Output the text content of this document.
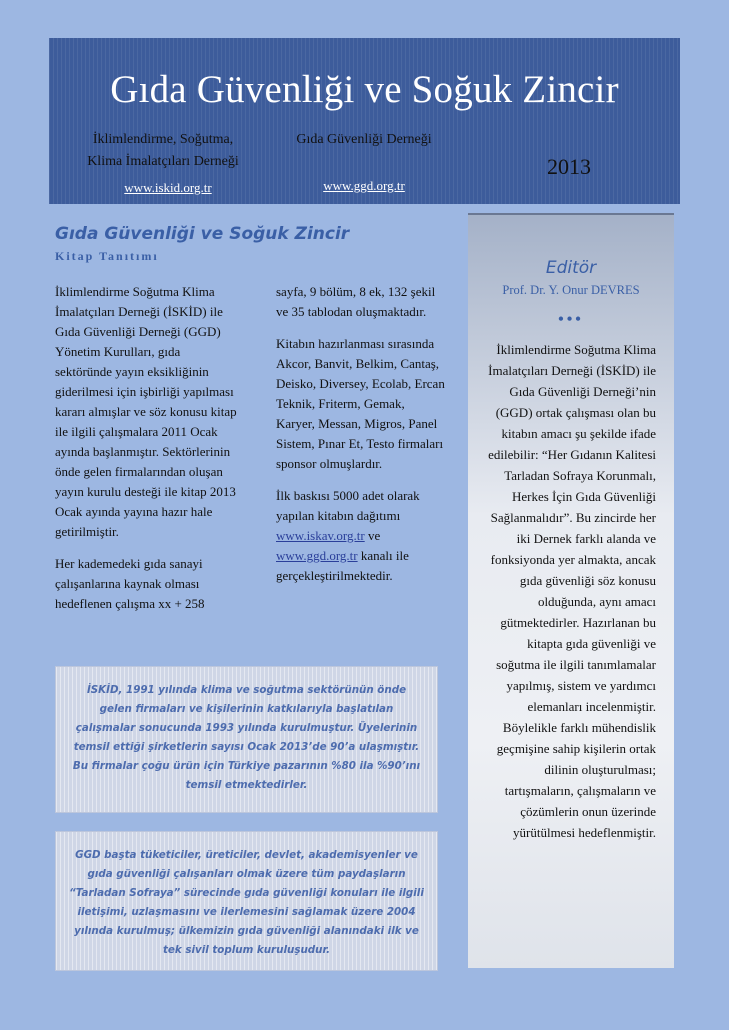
Gıda Güvenliği ve Soğuk Zincir
İklimlendirme, Soğutma,
Klima İmalatçıları Derneği
Gıda Güvenliği Derneği
www.iskid.org.tr	www.ggd.org.tr
2013
Gıda Güvenliği ve Soğuk Zincir
Kitap Tanıtımı

İklimlendirme Soğutma Klima İmalatçıları Derneği (İSKİD) ile Gıda Güvenliği Derneği (GGD) Yönetim Kurulları, gıda sektöründe yayın eksikliğinin giderilmesi için işbirliği yapılması kararı almışlar ve söz konusu kitap ile ilgili çalışmalara 2011 Ocak ayında başlanmıştır. Sektörlerinin önde gelen firmalarından oluşan yayın kurulu desteği ile kitap 2013 Ocak ayında yayına hazır hale getirilmiştir.

Her kademedeki gıda sanayi çalışanlarına kaynak olması hedeflenen çalışma xx + 258

sayfa, 9 bölüm, 8 ek, 132 şekil ve 35 tablodan oluşmaktadır.

Kitabın hazırlanması sırasında Akcor, Banvit, Belkim, Cantaş, Deisko, Diversey, Ecolab, Ercan Teknik, Friterm, Gemak, Karyer, Messan, Migros, Panel Sistem, Pınar Et, Testo firmaları sponsor olmuşlardır.

İlk baskısı 5000 adet olarak yapılan kitabın dağıtımı www.iskav.org.tr ve www.ggd.org.tr kanalı ile gerçekleştirilmektedir.

İSKİD, 1991 yılında klima ve soğutma sektörünün önde gelen firmaları ve kişilerinin katkılarıyla başlatılan çalışmalar sonucunda 1993 yılında kurulmuştur. Üyelerinin temsil ettiği şirketlerin sayısı Ocak 2013’de 90’a ulaşmıştır. Bu firmalar çoğu ürün için Türkiye pazarının %80 ila %90’ını temsil etmektedirler.
GGD başta tüketiciler, üreticiler, devlet, akademisyenler ve gıda güvenliği çalışanları olmak üzere tüm paydaşların “Tarladan Sofraya” sürecinde gıda güvenliği konuları ile ilgili iletişimi, uzlaşmasını ve ilerlemesini sağlamak üzere 2004 yılında kurulmuş; ülkemizin gıda güvenliği alanındaki ilk ve tek sivil toplum kuruluşudur.
Editör
Prof. Dr. Y. Onur DEVRES
•••
İklimlendirme Soğutma Klima İmalatçıları Derneği (İSKİD) ile Gıda Güvenliği Derneği’nin (GGD) ortak çalışması olan bu kitabın amacı şu şekilde ifade edilebilir: “Her Gıdanın Kalitesi Tarladan Sofraya Korunmalı, Herkes İçin Gıda Güvenliği Sağlanmalıdır”. Bu zincirde her iki Dernek farklı alanda ve fonksiyonda yer almakta, ancak gıda güvenliği söz konusu olduğunda, aynı amacı gütmektedirler. Hazırlanan bu kitapta gıda güvenliği ve soğutma ile ilgili tanımlamalar yapılmış, sistem ve yardımcı elemanları incelenmiştir. Böylelikle farklı mühendislik geçmişine sahip kişilerin ortak dilinin oluşturulması; tartışmaların, çalışmaların ve çözümlerin onun üzerinde yürütülmesi hedeflenmiştir.
